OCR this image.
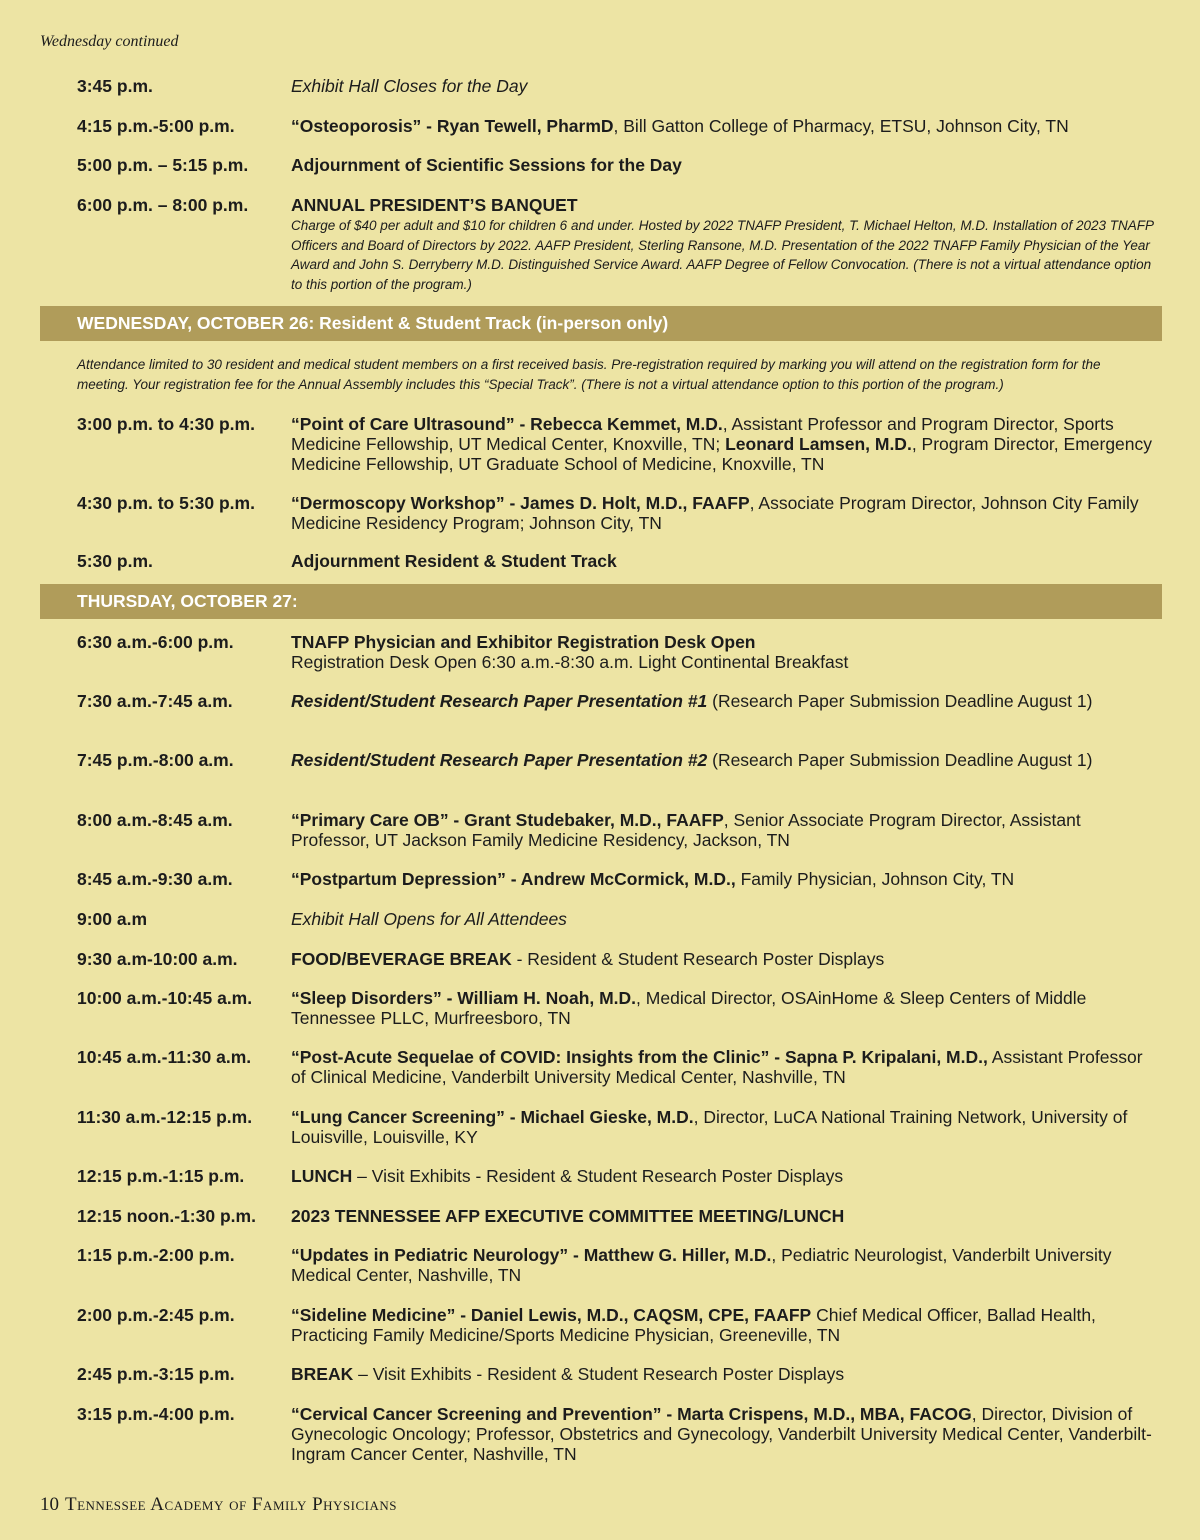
Wednesday continued
3:45 p.m.	Exhibit Hall Closes for the Day
4:15 p.m.-5:00 p.m.	“Osteoporosis” - Ryan Tewell, PharmD, Bill Gatton College of Pharmacy, ETSU, Johnson City, TN
5:00 p.m. – 5:15 p.m.	Adjournment of Scientific Sessions for the Day
6:00 p.m. – 8:00 p.m.	ANNUAL PRESIDENT’S BANQUET
Charge of $40 per adult and $10 for children 6 and under. Hosted by 2022 TNAFP President, T. Michael Helton, M.D. Installation of 2023 TNAFP Officers and Board of Directors by 2022. AAFP President, Sterling Ransone, M.D. Presentation of the 2022 TNAFP Family Physician of the Year Award and John S. Derryberry M.D. Distinguished Service Award. AAFP Degree of Fellow Convocation. (There is not a virtual attendance option to this portion of the program.)
WEDNESDAY, OCTOBER 26: Resident & Student Track (in-person only)
Attendance limited to 30 resident and medical student members on a first received basis. Pre-registration required by marking you will attend on the registration form for the meeting. Your registration fee for the Annual Assembly includes this “Special Track”. (There is not a virtual attendance option to this portion of the program.)
3:00 p.m. to 4:30 p.m.	“Point of Care Ultrasound” - Rebecca Kemmet, M.D., Assistant Professor and Program Director, Sports Medicine Fellowship, UT Medical Center, Knoxville, TN; Leonard Lamsen, M.D., Program Director, Emergency Medicine Fellowship, UT Graduate School of Medicine, Knoxville, TN
4:30 p.m. to 5:30 p.m.	“Dermoscopy Workshop” - James D. Holt, M.D., FAAFP, Associate Program Director, Johnson City Family Medicine Residency Program; Johnson City, TN
5:30 p.m.	Adjournment Resident & Student Track
THURSDAY, OCTOBER 27:
6:30 a.m.-6:00 p.m.	TNAFP Physician and Exhibitor Registration Desk Open
Registration Desk Open 6:30 a.m.-8:30 a.m. Light Continental Breakfast
7:30 a.m.-7:45 a.m.	Resident/Student Research Paper Presentation #1 (Research Paper Submission Deadline August 1)
7:45 p.m.-8:00 a.m.	Resident/Student Research Paper Presentation #2 (Research Paper Submission Deadline August 1)
8:00 a.m.-8:45 a.m.	“Primary Care OB” - Grant Studebaker, M.D., FAAFP, Senior Associate Program Director, Assistant Professor, UT Jackson Family Medicine Residency, Jackson, TN
8:45 a.m.-9:30 a.m.	“Postpartum Depression” - Andrew McCormick, M.D., Family Physician, Johnson City, TN
9:00 a.m	Exhibit Hall Opens for All Attendees
9:30 a.m-10:00 a.m.	FOOD/BEVERAGE BREAK - Resident & Student Research Poster Displays
10:00 a.m.-10:45 a.m.	“Sleep Disorders” - William H. Noah, M.D., Medical Director, OSAinHome & Sleep Centers of Middle Tennessee PLLC, Murfreesboro, TN
10:45 a.m.-11:30 a.m.	“Post-Acute Sequelae of COVID: Insights from the Clinic” - Sapna P. Kripalani, M.D., Assistant Professor of Clinical Medicine, Vanderbilt University Medical Center, Nashville, TN
11:30 a.m.-12:15 p.m.	“Lung Cancer Screening” - Michael Gieske, M.D., Director, LuCA National Training Network, University of Louisville, Louisville, KY
12:15 p.m.-1:15 p.m.	LUNCH – Visit Exhibits - Resident & Student Research Poster Displays
12:15 noon.-1:30 p.m.	2023 TENNESSEE AFP EXECUTIVE COMMITTEE MEETING/LUNCH
1:15 p.m.-2:00 p.m.	“Updates in Pediatric Neurology” - Matthew G. Hiller, M.D., Pediatric Neurologist, Vanderbilt University Medical Center, Nashville, TN
2:00 p.m.-2:45 p.m.	“Sideline Medicine” - Daniel Lewis, M.D., CAQSM, CPE, FAAFP Chief Medical Officer, Ballad Health, Practicing Family Medicine/Sports Medicine Physician, Greeneville, TN
2:45 p.m.-3:15 p.m.	BREAK – Visit Exhibits - Resident & Student Research Poster Displays
3:15 p.m.-4:00 p.m.	“Cervical Cancer Screening and Prevention” - Marta Crispens, M.D., MBA, FACOG, Director, Division of Gynecologic Oncology; Professor, Obstetrics and Gynecology, Vanderbilt University Medical Center, Vanderbilt-Ingram Cancer Center, Nashville, TN
10 Tennessee Academy of Family Physicians
